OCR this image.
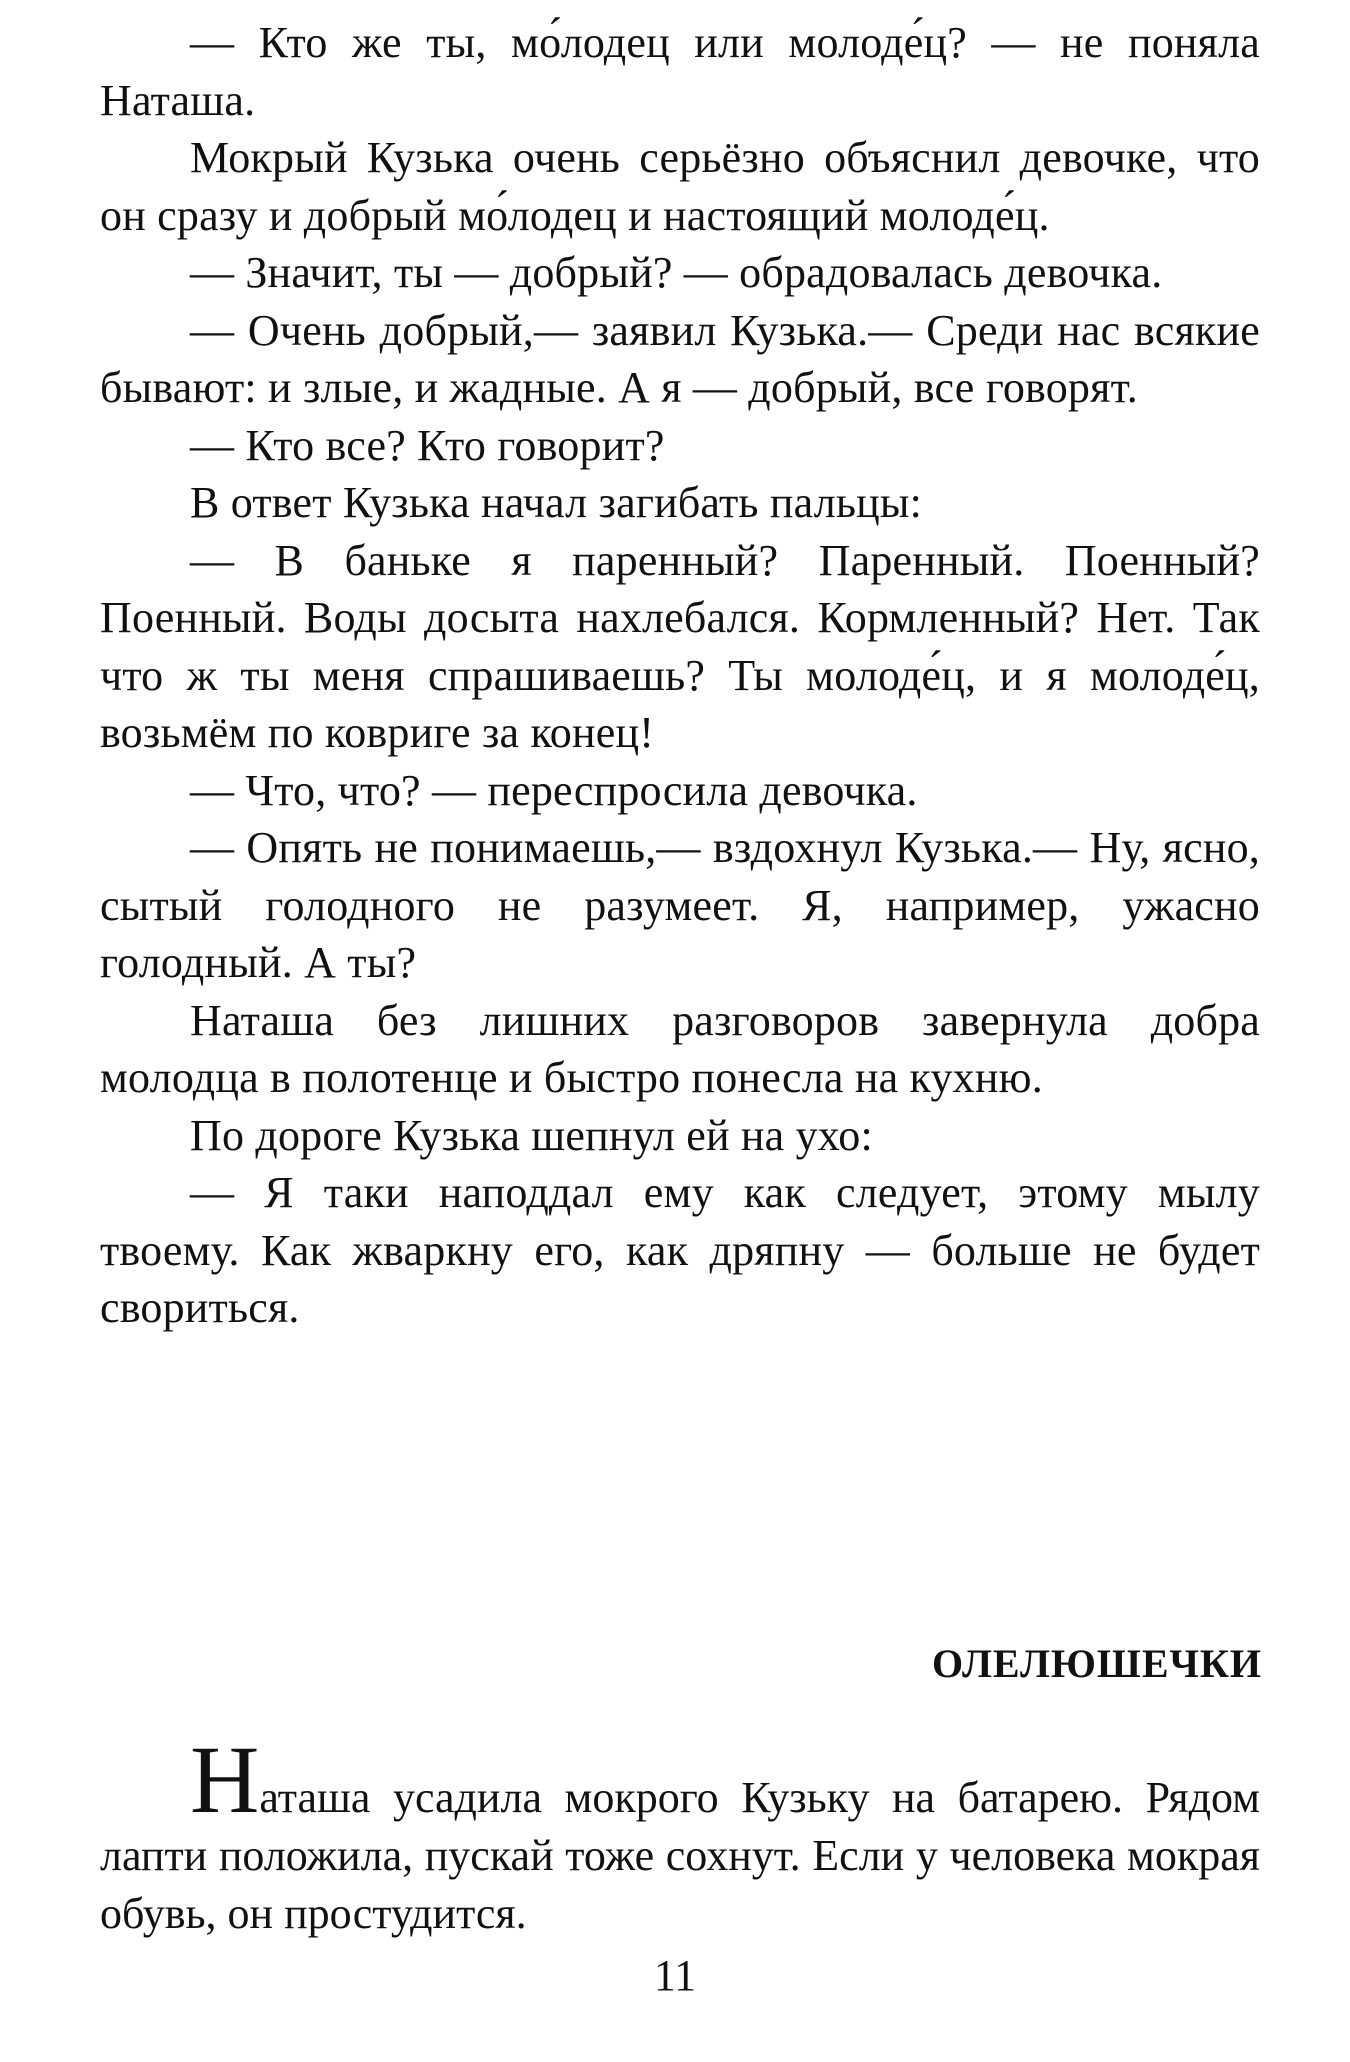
— Кто же ты, мо́лодец или молоде́ц? — не поняла Наташа.

Мокрый Кузька очень серьёзно объяснил девочке, что он сразу и добрый мо́лодец и настоящий молоде́ц.

— Значит, ты — добрый? — обрадовалась девочка.

— Очень добрый,— заявил Кузька.— Среди нас всякие бывают: и злые, и жадные. А я — добрый, все говорят.

— Кто все? Кто говорит?

В ответ Кузька начал загибать пальцы:

— В баньке я паренный? Паренный. Поенный? Поенный. Воды досыта нахлебался. Кормленный? Нет. Так что ж ты меня спрашиваешь? Ты молоде́ц, и я молоде́ц, возьмём по ковриге за конец!

— Что, что? — переспросила девочка.

— Опять не понимаешь,— вздохнул Кузька.— Ну, ясно, сытый голодного не разумеет. Я, например, ужасно голодный. А ты?

Наташа без лишних разговоров завернула добра молодца в полотенце и быстро понесла на кухню.

По дороге Кузька шепнул ей на ухо:

— Я таки наподдал ему как следует, этому мылу твоему. Как жваркну его, как дряпну — больше не будет свориться.

ОЛЕЛЮШЕЧКИ

Наташа усадила мокрого Кузьку на батарею. Рядом лапти положила, пускай тоже сохнут. Если у человека мокрая обувь, он простудится.

11
